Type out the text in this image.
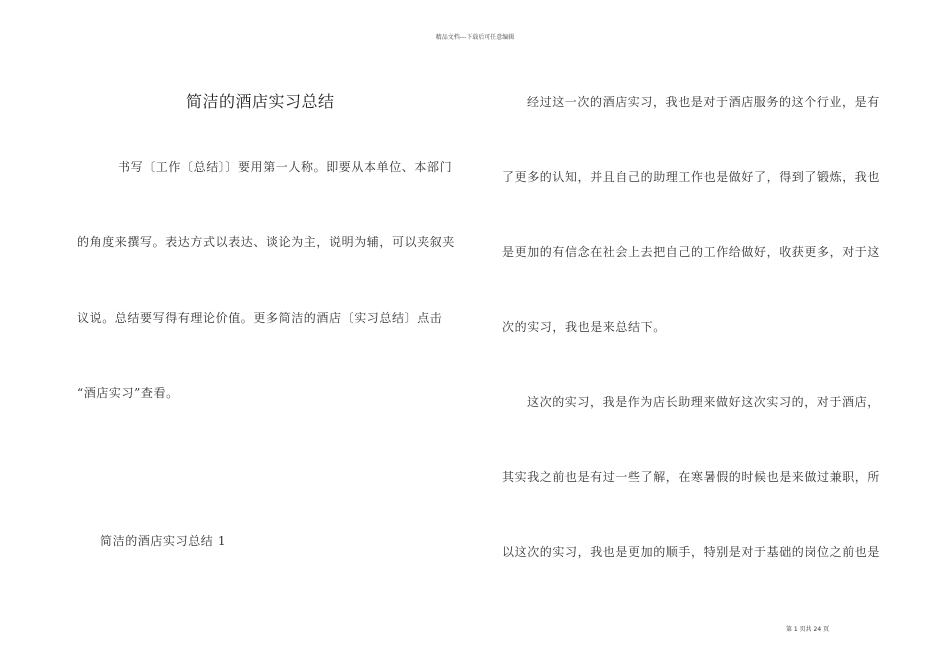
精品文档---下载后可任意编辑
简洁的酒店实习总结
书写〔工作〔总结〕〕要用第一人称。即要从本单位、本部门
的角度来撰写。表达方式以表达、谈论为主，说明为辅，可以夹叙夹
议说。总结要写得有理论价值。更多简洁的酒店〔实习总结〕点击
“酒店实习”查看。
简洁的酒店实习总结 1
经过这一次的酒店实习，我也是对于酒店服务的这个行业，是有
了更多的认知，并且自己的助理工作也是做好了，得到了锻炼，我也
是更加的有信念在社会上去把自己的工作给做好，收获更多，对于这
次的实习，我也是来总结下。
这次的实习，我是作为店长助理来做好这次实习的，对于酒店，
其实我之前也是有过一些了解，在寒暑假的时候也是来做过兼职，所
以这次的实习，我也是更加的顺手，特别是对于基础的岗位之前也是
第 1 页共 24 页
